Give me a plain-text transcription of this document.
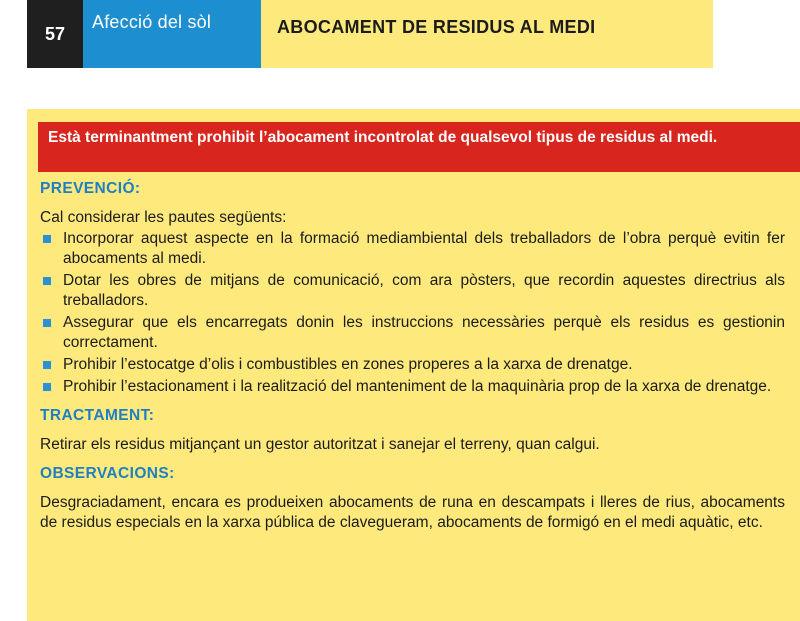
57
Afecció del sòl	ABOCAMENT DE RESIDUS AL MEDI
Està terminantment prohibit l’abocament incontrolat de qualsevol tipus de residus al medi.
PREVENCIÓ:
Cal considerar les pautes següents:
Incorporar aquest aspecte en la formació mediambiental dels treballadors de l’obra perquè evitin fer abocaments al medi.
Dotar les obres de mitjans de comunicació, com ara pòsters, que recordin aquestes directrius als treballadors.
Assegurar que els encarregats donin les instruccions necessàries perquè els residus es gestionin correctament.
Prohibir l’estocatge d’olis i combustibles en zones properes a la xarxa de drenatge.
Prohibir l’estacionament i la realització del manteniment de la maquinària prop de la xarxa de drenatge.
TRACTAMENT:
Retirar els residus mitjançant un gestor autoritzat i sanejar el terreny, quan calgui.
OBSERVACIONS:
Desgraciadament, encara es produeixen abocaments de runa en descampats i lleres de rius, abocaments de residus especials en la xarxa pública de clavegueram, abocaments de formigó en el medi aquàtic, etc.
